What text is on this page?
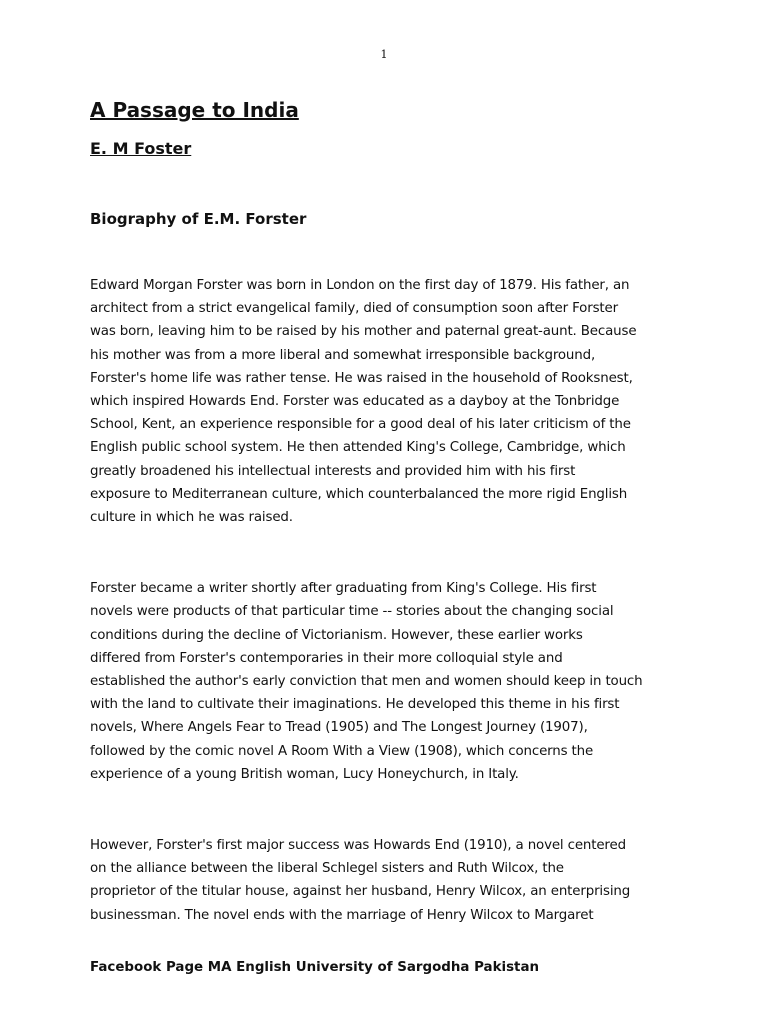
1
A Passage to India
E. M Foster
Biography of E.M. Forster

Edward Morgan Forster was born in London on the first day of 1879. His father, an
architect from a strict evangelical family, died of consumption soon after Forster
was born, leaving him to be raised by his mother and paternal great-aunt. Because
his mother was from a more liberal and somewhat irresponsible background,
Forster's home life was rather tense. He was raised in the household of Rooksnest,
which inspired Howards End. Forster was educated as a dayboy at the Tonbridge
School, Kent, an experience responsible for a good deal of his later criticism of the
English public school system. He then attended King's College, Cambridge, which
greatly broadened his intellectual interests and provided him with his first
exposure to Mediterranean culture, which counterbalanced the more rigid English
culture in which he was raised.

Forster became a writer shortly after graduating from King's College. His first
novels were products of that particular time -- stories about the changing social
conditions during the decline of Victorianism. However, these earlier works
differed from Forster's contemporaries in their more colloquial style and
established the author's early conviction that men and women should keep in touch
with the land to cultivate their imaginations. He developed this theme in his first
novels, Where Angels Fear to Tread (1905) and The Longest Journey (1907),
followed by the comic novel A Room With a View (1908), which concerns the
experience of a young British woman, Lucy Honeychurch, in Italy.

However, Forster's first major success was Howards End (1910), a novel centered
on the alliance between the liberal Schlegel sisters and Ruth Wilcox, the
proprietor of the titular house, against her husband, Henry Wilcox, an enterprising
businessman. The novel ends with the marriage of Henry Wilcox to Margaret

Facebook Page MA English University of Sargodha Pakistan
